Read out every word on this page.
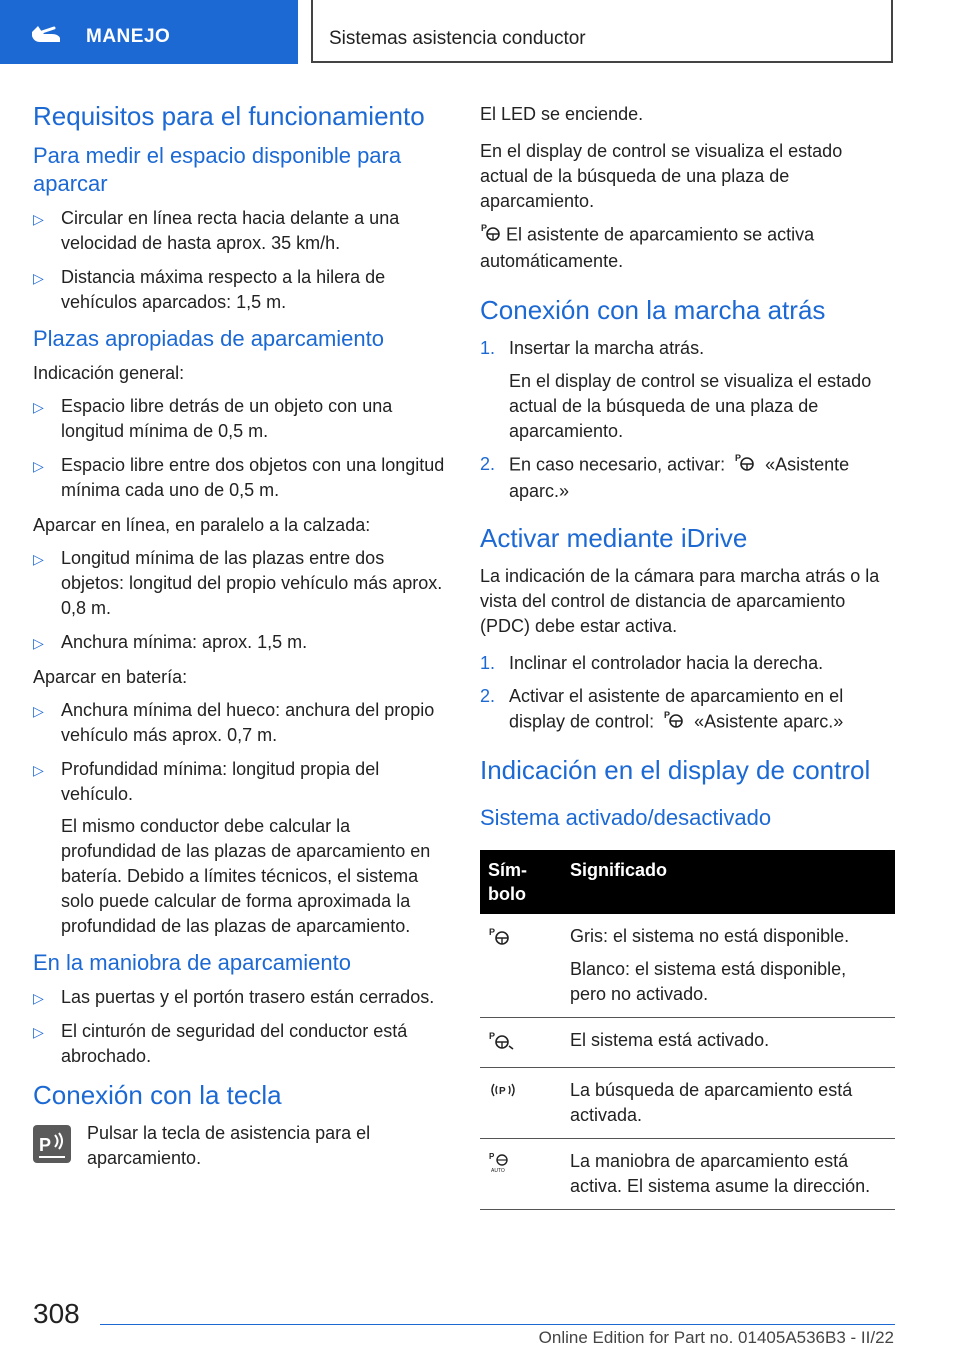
MANEJO	Sistemas asistencia conductor
Requisitos para el funcionamiento
Para medir el espacio disponible para aparcar
▷ Circular en línea recta hacia delante a una velocidad de hasta aprox. 35 km/h.
▷ Distancia máxima respecto a la hilera de vehículos aparcados: 1,5 m.
Plazas apropiadas de aparcamiento

Indicación general:

▷ Espacio libre detrás de un objeto con una longitud mínima de 0,5 m.
▷ Espacio libre entre dos objetos con una longitud mínima cada uno de 0,5 m.

Aparcar en línea, en paralelo a la calzada:

▷ Longitud mínima de las plazas entre dos objetos: longitud del propio vehículo más aprox. 0,8 m.
▷ Anchura mínima: aprox. 1,5 m.

Aparcar en batería:

▷ Anchura mínima del hueco: anchura del propio vehículo más aprox. 0,7 m.
▷ Profundidad mínima: longitud propia del vehículo.

El mismo conductor debe calcular la profundidad de las plazas de aparcamiento en batería. Debido a límites técnicos, el sistema solo puede calcular de forma aproximada la profundidad de las plazas de aparcamiento.

En la maniobra de aparcamiento
▷ Las puertas y el portón trasero están cerrados.
▷ El cinturón de seguridad del conductor está abrochado.
Conexión con la tecla
P

Pulsar la tecla de asistencia para el aparcamiento.

El LED se enciende.

En el display de control se visualiza el estado actual de la búsqueda de una plaza de aparcamiento.

P El asistente de aparcamiento se activa automáticamente.

Conexión con la marcha atrás
1. Insertar la marcha atrás.

En el display de control se visualiza el estado actual de la búsqueda de una plaza de aparcamiento.

2. En caso necesario, activar: P «Asistente aparc.»
Activar mediante iDrive

La indicación de la cámara para marcha atrás o la vista del control de distancia de aparcamiento (PDC) debe estar activa.

1. Inclinar el controlador hacia la derecha.
2. Activar el asistente de aparcamiento en el display de control: P «Asistente aparc.»
Indicación en el display de control
Sistema activado/desactivado
Sím-
bolo	Significado

P	Gris: el sistema no está disponible.

Blanco: el sistema está disponible, pero no activado.

P	El sistema está activado.

P	La búsqueda de aparcamiento está activada.

P
AUTO	La maniobra de aparcamiento está activa. El sistema asume la dirección.

308
Online Edition for Part no. 01405A536B3 - II/22
